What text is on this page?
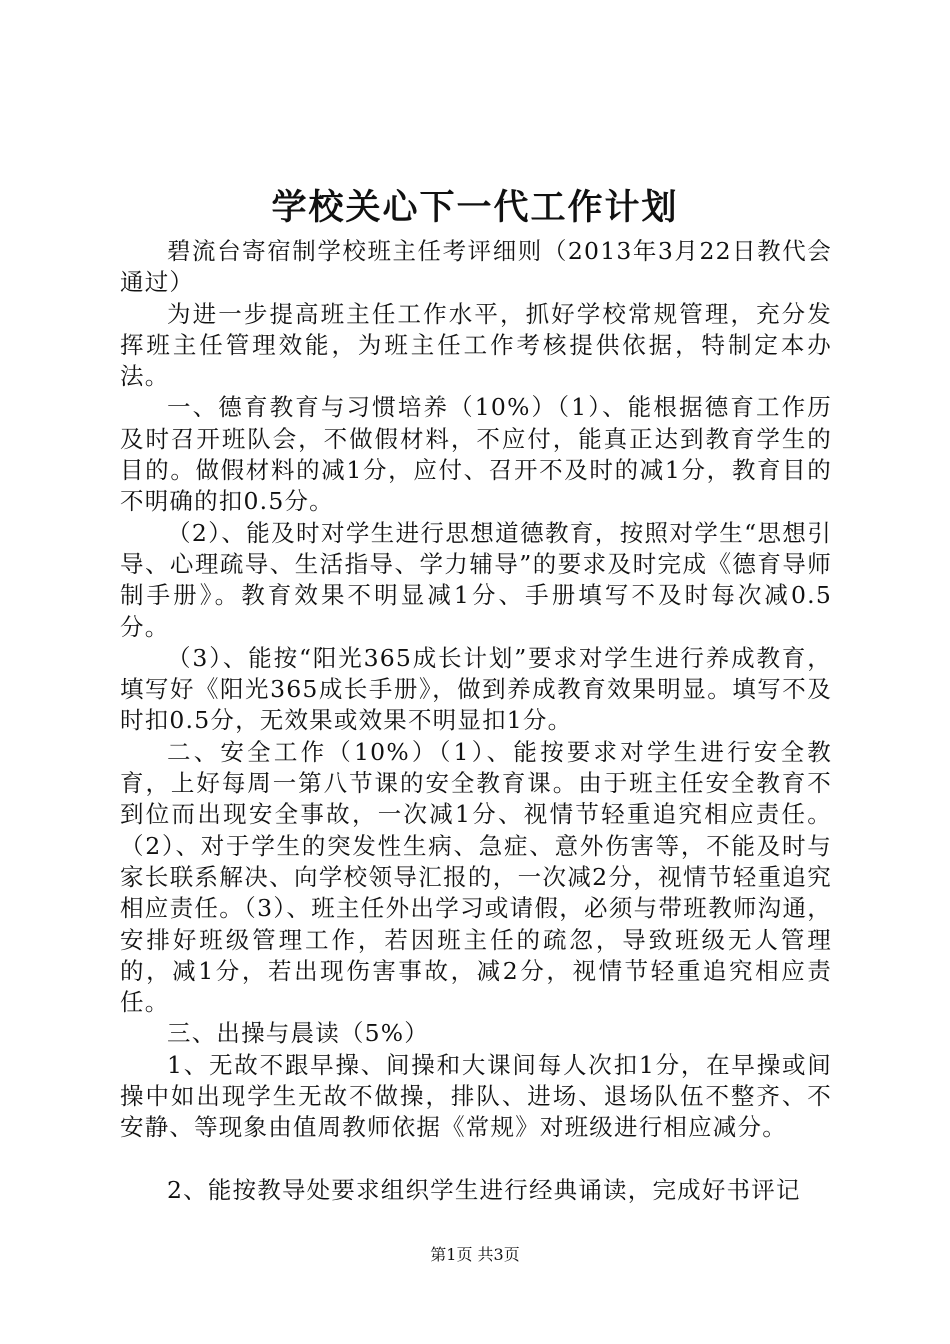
学校关心下一代工作计划

碧流台寄宿制学校班主任考评细则（2013年3月22日教代会通过）

为进一步提高班主任工作水平，抓好学校常规管理，充分发挥班主任管理效能，为班主任工作考核提供依据，特制定本办法。

一、德育教育与习惯培养（10%）（1）、能根据德育工作历及时召开班队会，不做假材料，不应付，能真正达到教育学生的目的。做假材料的减1分，应付、召开不及时的减1分，教育目的不明确的扣0.5分。

（2）、能及时对学生进行思想道德教育，按照对学生“思想引导、心理疏导、生活指导、学力辅导”的要求及时完成《德育导师制手册》。教育效果不明显减1分、手册填写不及时每次减0.5分。

（3）、能按“阳光365成长计划”要求对学生进行养成教育，填写好《阳光365成长手册》，做到养成教育效果明显。填写不及时扣0.5分，无效果或效果不明显扣1分。

二、安全工作（10%）（1）、能按要求对学生进行安全教育，上好每周一第八节课的安全教育课。由于班主任安全教育不到位而出现安全事故，一次减1分、视情节轻重追究相应责任。（2）、对于学生的突发性生病、急症、意外伤害等，不能及时与家长联系解决、向学校领导汇报的，一次减2分，视情节轻重追究相应责任。（3）、班主任外出学习或请假，必须与带班教师沟通，安排好班级管理工作，若因班主任的疏忽，导致班级无人管理的，减1分，若出现伤害事故，减2分，视情节轻重追究相应责任。

三、出操与晨读（5%）

1、无故不跟早操、间操和大课间每人次扣1分，在早操或间操中如出现学生无故不做操，排队、进场、退场队伍不整齐、不安静、等现象由值周教师依据《常规》对班级进行相应减分。

2、能按教导处要求组织学生进行经典诵读，完成好书评记

第1页 共3页
